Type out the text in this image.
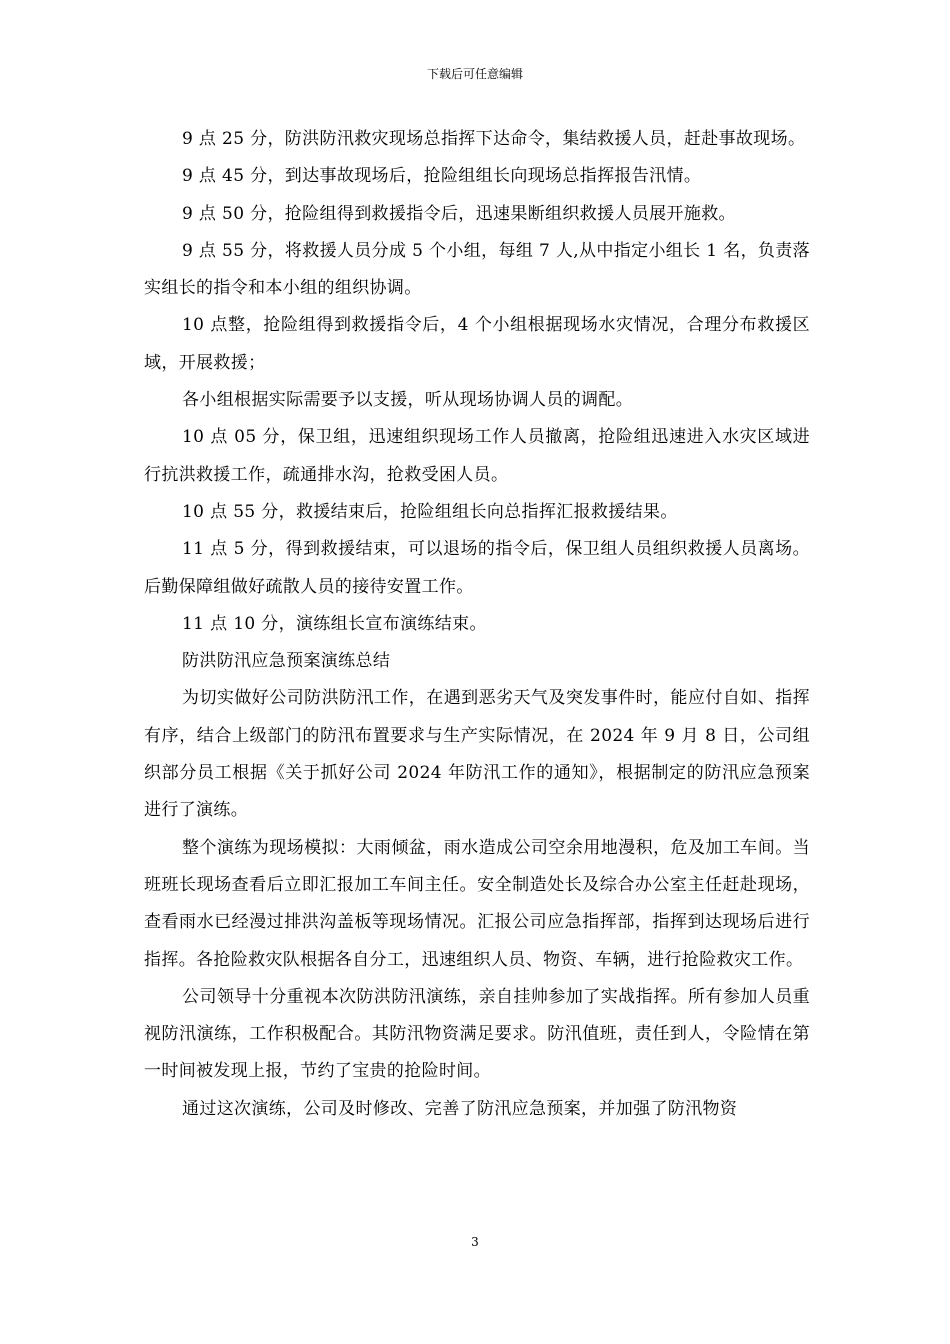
下载后可任意编辑

9 点 25 分，防洪防汛救灾现场总指挥下达命令，集结救援人员，赶赴事故现场。

9 点 45 分，到达事故现场后，抢险组组长向现场总指挥报告汛情。

9 点 50 分，抢险组得到救援指令后，迅速果断组织救援人员展开施救。

9 点 55 分，将救援人员分成 5 个小组，每组 7 人,从中指定小组长 1 名，负责落实组长的指令和本小组的组织协调。

10 点整，抢险组得到救援指令后，4 个小组根据现场水灾情况，合理分布救援区域，开展救援；

各小组根据实际需要予以支援，听从现场协调人员的调配。

10 点 05 分，保卫组，迅速组织现场工作人员撤离，抢险组迅速进入水灾区域进行抗洪救援工作，疏通排水沟，抢救受困人员。

10 点 55 分，救援结束后，抢险组组长向总指挥汇报救援结果。

11 点 5 分，得到救援结束，可以退场的指令后，保卫组人员组织救援人员离场。后勤保障组做好疏散人员的接待安置工作。

11 点 10 分，演练组长宣布演练结束。

防洪防汛应急预案演练总结

为切实做好公司防洪防汛工作，在遇到恶劣天气及突发事件时，能应付自如、指挥有序，结合上级部门的防汛布置要求与生产实际情况，在 2024 年 9 月 8 日，公司组织部分员工根据《关于抓好公司 2024 年防汛工作的通知》，根据制定的防汛应急预案进行了演练。

整个演练为现场模拟：大雨倾盆，雨水造成公司空余用地漫积，危及加工车间。当班班长现场查看后立即汇报加工车间主任。安全制造处长及综合办公室主任赶赴现场，查看雨水已经漫过排洪沟盖板等现场情况。汇报公司应急指挥部，指挥到达现场后进行指挥。各抢险救灾队根据各自分工，迅速组织人员、物资、车辆，进行抢险救灾工作。

公司领导十分重视本次防洪防汛演练，亲自挂帅参加了实战指挥。所有参加人员重视防汛演练，工作积极配合。其防汛物资满足要求。防汛值班，责任到人，令险情在第一时间被发现上报，节约了宝贵的抢险时间。

通过这次演练，公司及时修改、完善了防汛应急预案，并加强了防汛物资

3
